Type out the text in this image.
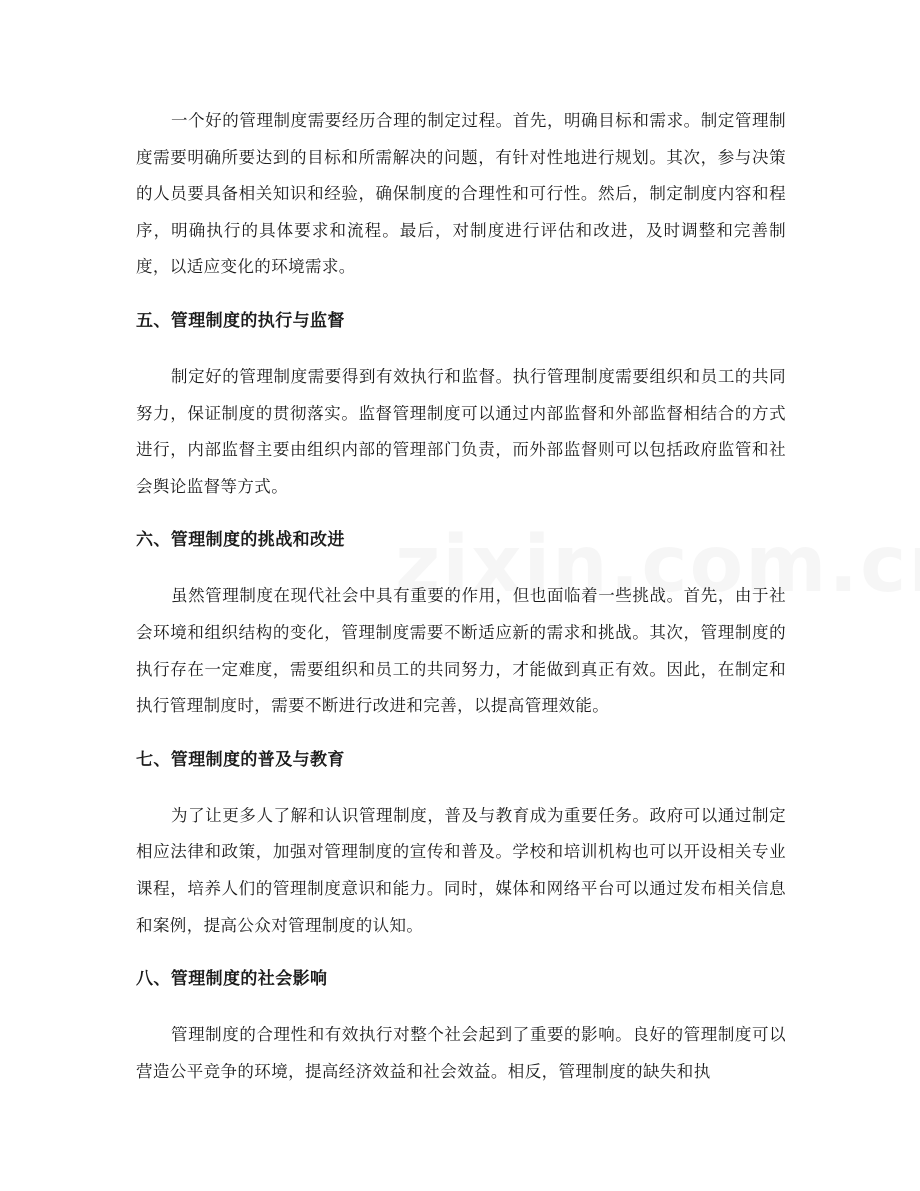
一个好的管理制度需要经历合理的制定过程。首先，明确目标和需求。制定管理制度需要明确所要达到的目标和所需解决的问题，有针对性地进行规划。其次，参与决策的人员要具备相关知识和经验，确保制度的合理性和可行性。然后，制定制度内容和程序，明确执行的具体要求和流程。最后，对制度进行评估和改进，及时调整和完善制度，以适应变化的环境需求。

五、管理制度的执行与监督

制定好的管理制度需要得到有效执行和监督。执行管理制度需要组织和员工的共同努力，保证制度的贯彻落实。监督管理制度可以通过内部监督和外部监督相结合的方式进行，内部监督主要由组织内部的管理部门负责，而外部监督则可以包括政府监管和社会舆论监督等方式。

六、管理制度的挑战和改进

虽然管理制度在现代社会中具有重要的作用，但也面临着一些挑战。首先，由于社会环境和组织结构的变化，管理制度需要不断适应新的需求和挑战。其次，管理制度的执行存在一定难度，需要组织和员工的共同努力，才能做到真正有效。因此，在制定和执行管理制度时，需要不断进行改进和完善，以提高管理效能。

七、管理制度的普及与教育

为了让更多人了解和认识管理制度，普及与教育成为重要任务。政府可以通过制定相应法律和政策，加强对管理制度的宣传和普及。学校和培训机构也可以开设相关专业课程，培养人们的管理制度意识和能力。同时，媒体和网络平台可以通过发布相关信息和案例，提高公众对管理制度的认知。

八、管理制度的社会影响

管理制度的合理性和有效执行对整个社会起到了重要的影响。良好的管理制度可以营造公平竞争的环境，提高经济效益和社会效益。相反，管理制度的缺失和执
